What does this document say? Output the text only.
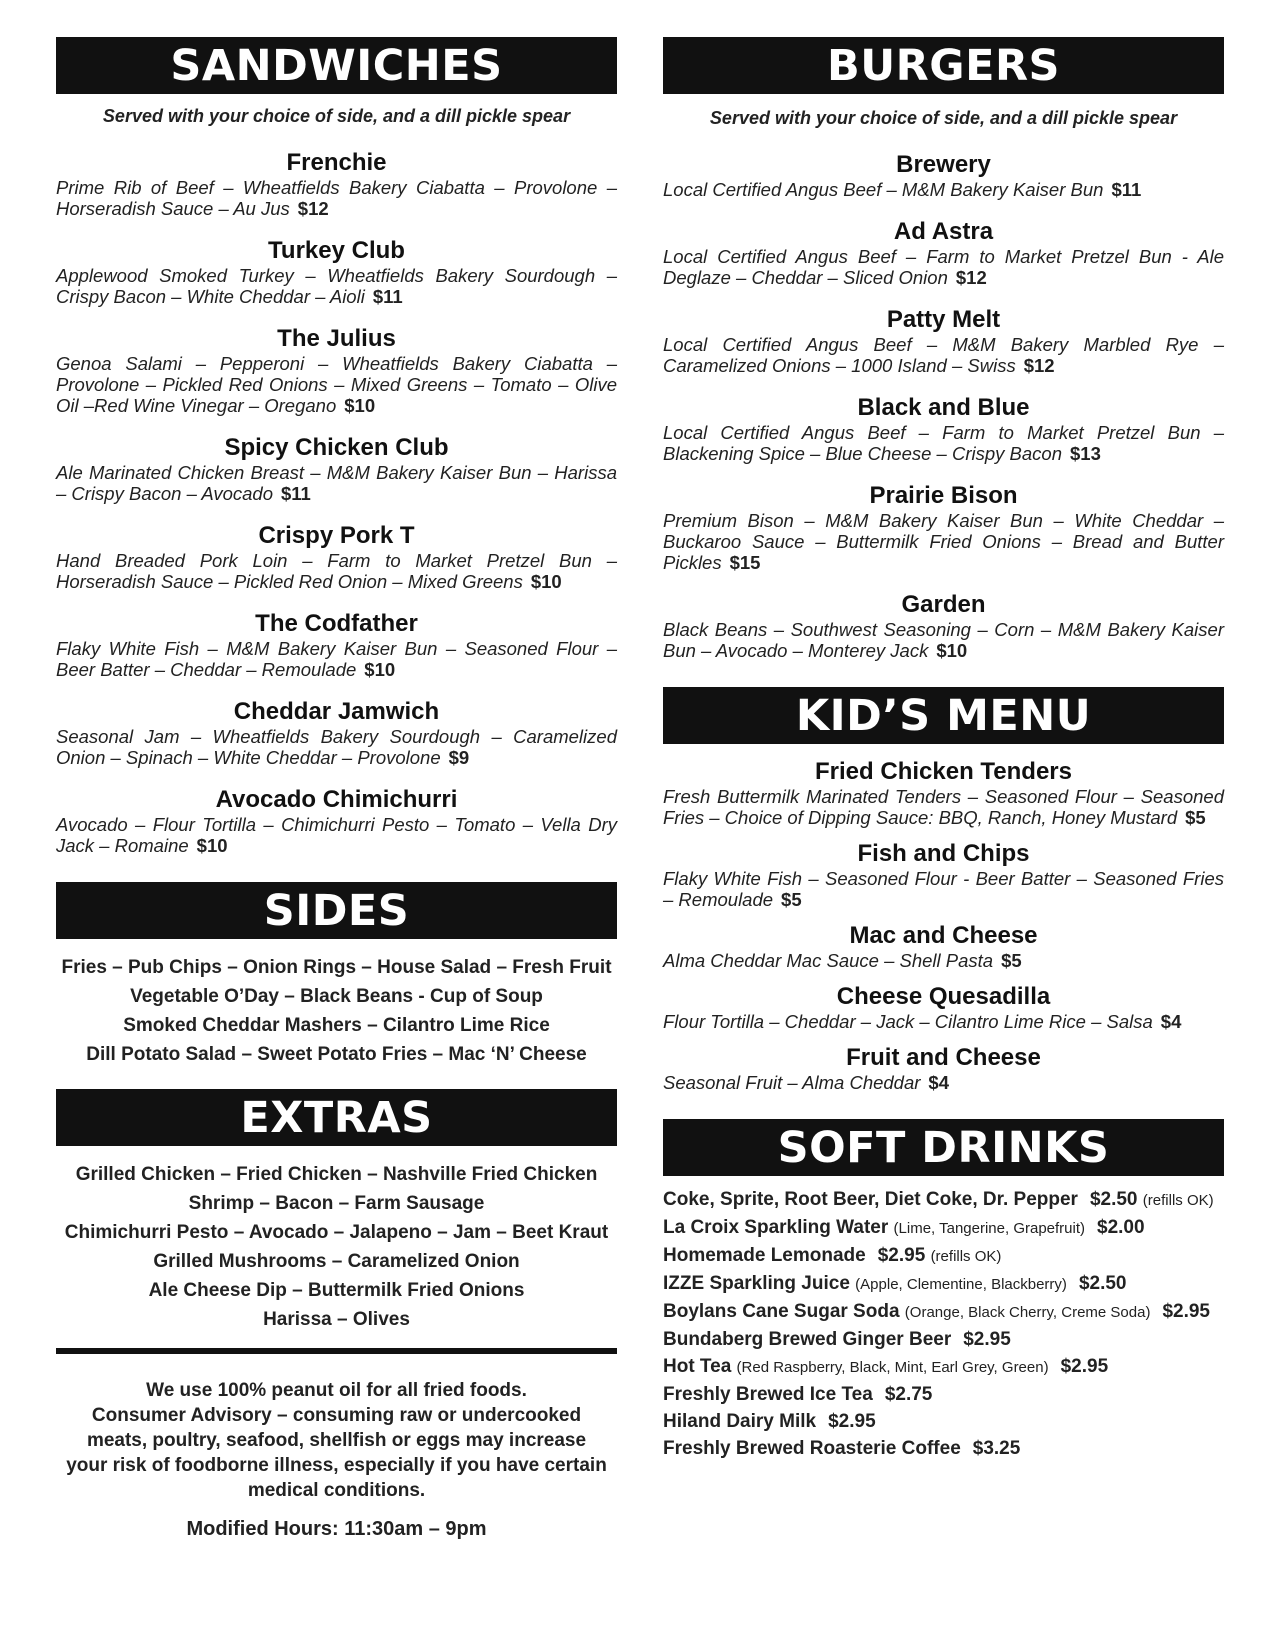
SANDWICHES
Served with your choice of side, and a dill pickle spear
Frenchie
Prime Rib of Beef – Wheatfields Bakery Ciabatta – Provolone – Horseradish Sauce – Au Jus $12
Turkey Club
Applewood Smoked Turkey – Wheatfields Bakery Sourdough – Crispy Bacon – White Cheddar – Aioli $11
The Julius
Genoa Salami – Pepperoni – Wheatfields Bakery Ciabatta – Provolone – Pickled Red Onions – Mixed Greens – Tomato – Olive Oil –Red Wine Vinegar – Oregano $10
Spicy Chicken Club
Ale Marinated Chicken Breast – M&M Bakery Kaiser Bun – Harissa – Crispy Bacon – Avocado $11
Crispy Pork T
Hand Breaded Pork Loin – Farm to Market Pretzel Bun – Horseradish Sauce – Pickled Red Onion – Mixed Greens $10
The Codfather
Flaky White Fish – M&M Bakery Kaiser Bun – Seasoned Flour – Beer Batter – Cheddar – Remoulade $10
Cheddar Jamwich
Seasonal Jam – Wheatfields Bakery Sourdough – Caramelized Onion – Spinach – White Cheddar – Provolone $9
Avocado Chimichurri
Avocado – Flour Tortilla – Chimichurri Pesto – Tomato – Vella Dry Jack – Romaine $10
SIDES
Fries – Pub Chips – Onion Rings – House Salad – Fresh Fruit
Vegetable O’Day – Black Beans - Cup of Soup
Smoked Cheddar Mashers – Cilantro Lime Rice
Dill Potato Salad – Sweet Potato Fries – Mac ‘N’ Cheese
EXTRAS
Grilled Chicken – Fried Chicken – Nashville Fried Chicken
Shrimp – Bacon – Farm Sausage
Chimichurri Pesto – Avocado – Jalapeno – Jam – Beet Kraut
Grilled Mushrooms – Caramelized Onion
Ale Cheese Dip – Buttermilk Fried Onions
Harissa – Olives
We use 100% peanut oil for all fried foods.
Consumer Advisory – consuming raw or undercooked
meats, poultry, seafood, shellfish or eggs may increase
your risk of foodborne illness, especially if you have certain
medical conditions.
Modified Hours: 11:30am – 9pm
BURGERS
Served with your choice of side, and a dill pickle spear
Brewery
Local Certified Angus Beef – M&M Bakery Kaiser Bun $11
Ad Astra
Local Certified Angus Beef – Farm to Market Pretzel Bun - Ale Deglaze – Cheddar – Sliced Onion $12
Patty Melt
Local Certified Angus Beef – M&M Bakery Marbled Rye – Caramelized Onions – 1000 Island – Swiss $12
Black and Blue
Local Certified Angus Beef – Farm to Market Pretzel Bun – Blackening Spice – Blue Cheese – Crispy Bacon $13
Prairie Bison
Premium Bison – M&M Bakery Kaiser Bun – White Cheddar – Buckaroo Sauce – Buttermilk Fried Onions – Bread and Butter Pickles $15
Garden
Black Beans – Southwest Seasoning – Corn – M&M Bakery Kaiser Bun – Avocado – Monterey Jack $10
KID’S MENU
Fried Chicken Tenders
Fresh Buttermilk Marinated Tenders – Seasoned Flour – Seasoned Fries – Choice of Dipping Sauce: BBQ, Ranch, Honey Mustard $5
Fish and Chips
Flaky White Fish – Seasoned Flour - Beer Batter – Seasoned Fries – Remoulade $5
Mac and Cheese
Alma Cheddar Mac Sauce – Shell Pasta $5
Cheese Quesadilla
Flour Tortilla – Cheddar – Jack – Cilantro Lime Rice – Salsa $4
Fruit and Cheese
Seasonal Fruit – Alma Cheddar $4
SOFT DRINKS
Coke, Sprite, Root Beer, Diet Coke, Dr. Pepper $2.50 (refills OK)
La Croix Sparkling Water (Lime, Tangerine, Grapefruit) $2.00
Homemade Lemonade $2.95 (refills OK)
IZZE Sparkling Juice (Apple, Clementine, Blackberry) $2.50
Boylans Cane Sugar Soda (Orange, Black Cherry, Creme Soda) $2.95
Bundaberg Brewed Ginger Beer $2.95
Hot Tea (Red Raspberry, Black, Mint, Earl Grey, Green) $2.95
Freshly Brewed Ice Tea $2.75
Hiland Dairy Milk $2.95
Freshly Brewed Roasterie Coffee $3.25
